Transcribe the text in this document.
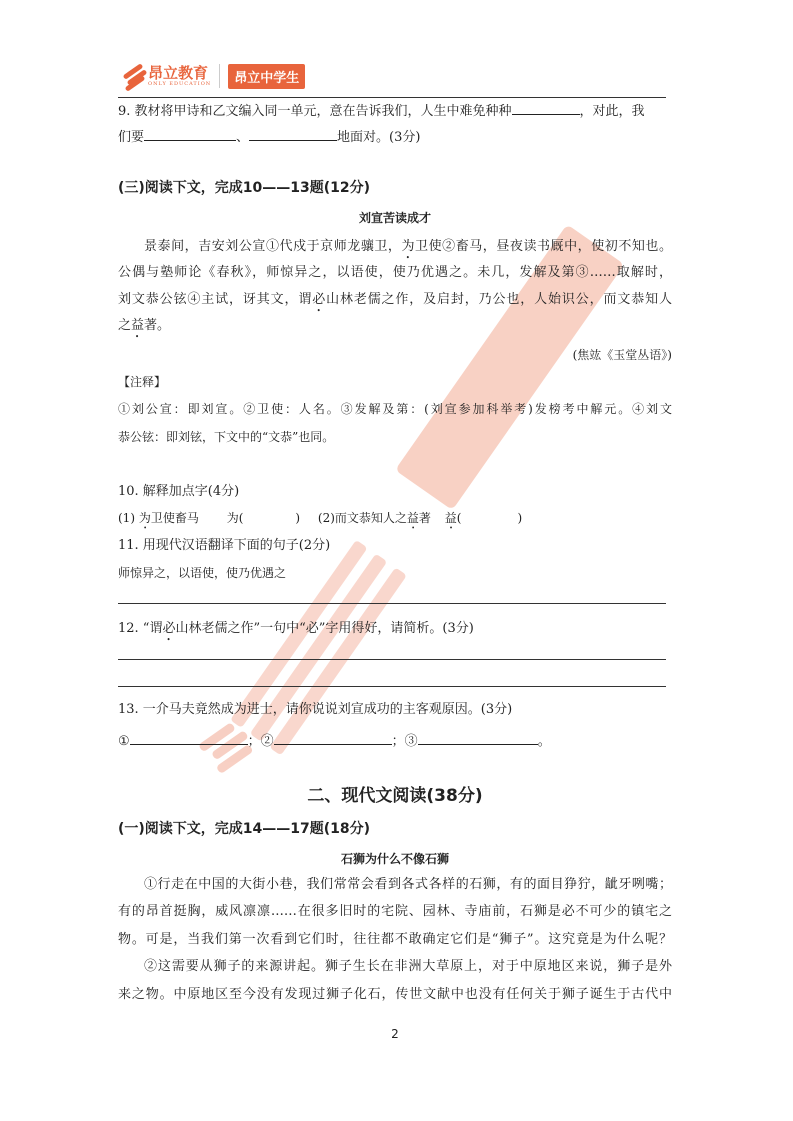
昂立教育
ONLY EDUCATION	昂立中学生
9. 教材将甲诗和乙文编入同一单元，意在告诉我们，人生中难免种种	，对此，我
们要	、	地面对。(3分)
(三)阅读下文，完成10——13题(12分)
刘宣苦读成才
景泰间，吉安刘公宣①代戍于京师龙骧卫，为卫使②畜马，昼夜读书厩中，使初不知也。
公偶与塾师论《春秋》，师惊异之，以语使，使乃优遇之。未几，发解及第③……取解时，
刘文恭公铉④主试，讶其文，谓必山林老儒之作，及启封，乃公也，人始识公，而文恭知人
之益著。
(焦竑《玉堂丛语》)
【注释】
①刘公宣：即刘宣。②卫使：人名。③发解及第：(刘宣参加科举考)发榜考中解元。④刘文
恭公铉：即刘铉，下文中的“文恭”也同。
10. 解释加点字(4分)
(1) 为卫使畜马 为(	) (2)而文恭知人之益著 益(	)
11. 用现代汉语翻译下面的句子(2分)
师惊异之，以语使，使乃优遇之
12. “谓必山林老儒之作”一句中“必”字用得好，请简析。(3分)
13. 一介马夫竟然成为进士，请你说说刘宣成功的主客观原因。(3分)
①	；②	；③	。
二、现代文阅读(38分)
(一)阅读下文，完成14——17题(18分)
石狮为什么不像石狮
①行走在中国的大街小巷，我们常常会看到各式各样的石狮，有的面目狰狞，龇牙咧嘴；
有的昂首挺胸，威风凛凛……在很多旧时的宅院、园林、寺庙前，石狮是必不可少的镇宅之
物。可是，当我们第一次看到它们时，往往都不敢确定它们是“狮子”。这究竟是为什么呢？
②这需要从狮子的来源讲起。狮子生长在非洲大草原上，对于中原地区来说，狮子是外
来之物。中原地区至今没有发现过狮子化石，传世文献中也没有任何关于狮子诞生于古代中
2
